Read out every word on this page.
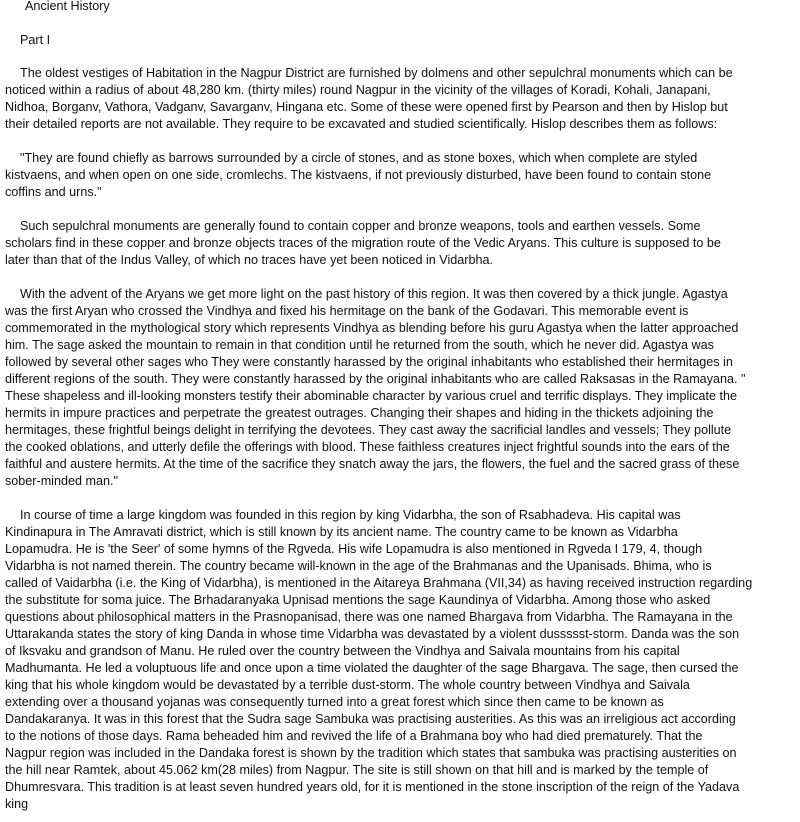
Ancient History

Part I

The oldest vestiges of Habitation in the Nagpur District are furnished by dolmens and other sepulchral monuments which can be

noticed within a radius of about 48,280 km. (thirty miles) round Nagpur in the vicinity of the villages of Koradi, Kohali, Janapani,

Nidhoa, Borganv, Vathora, Vadganv, Savarganv, Hingana etc. Some of these were opened first by Pearson and then by Hislop but

their detailed reports are not available. They require to be excavated and studied scientifically. Hislop describes them as follows:

"They are found chiefly as barrows surrounded by a circle of stones, and as stone boxes, which when complete are styled

kistvaens, and when open on one side, cromlechs. The kistvaens, if not previously disturbed, have been found to contain stone

coffins and urns."

Such sepulchral monuments are generally found to contain copper and bronze weapons, tools and earthen vessels. Some

scholars find in these copper and bronze objects traces of the migration route of the Vedic Aryans. This culture is supposed to be

later than that of the Indus Valley, of which no traces have yet been noticed in Vidarbha.

With the advent of the Aryans we get more light on the past history of this region. It was then covered by a thick jungle. Agastya

was the first Aryan who crossed the Vindhya and fixed his hermitage on the bank of the Godavari. This memorable event is

commemorated in the mythological story which represents Vindhya as blending before his guru Agastya when the latter approached

him. The sage asked the mountain to remain in that condition until he returned from the south, which he never did. Agastya was

followed by several other sages who They were constantly harassed by the original inhabitants who established their hermitages in

different regions of the south. They were constantly harassed by the original inhabitants who are called Raksasas in the Ramayana. "

These shapeless and ill-looking monsters testify their abominable character by various cruel and terrific displays. They implicate the

hermits in impure practices and perpetrate the greatest outrages. Changing their shapes and hiding in the thickets adjoining the

hermitages, these frightful beings delight in terrifying the devotees. They cast away the sacrificial landles and vessels; They pollute

the cooked oblations, and utterly defile the offerings with blood. These faithless creatures inject frightful sounds into the ears of the

faithful and austere hermits. At the time of the sacrifice they snatch away the jars, the flowers, the fuel and the sacred grass of these

sober-minded man."

In course of time a large kingdom was founded in this region by king Vidarbha, the son of Rsabhadeva. His capital was

Kindinapura in The Amravati district, which is still known by its ancient name. The country came to be known as Vidarbha

Lopamudra. He is 'the Seer' of some hymns of the Rgveda. His wife Lopamudra is also mentioned in Rgveda I 179, 4, though

Vidarbha is not named therein. The country became will-known in the age of the Brahmanas and the Upanisads. Bhima, who is

called of Vaidarbha (i.e. the King of Vidarbha), is mentioned in the Aitareya Brahmana (VII,34) as having received instruction regarding

the substitute for soma juice. The Brhadaranyaka Upnisad mentions the sage Kaundinya of Vidarbha. Among those who asked

questions about philosophical matters in the Prasnopanisad, there was one named Bhargava from Vidarbha. The Ramayana in the

Uttarakanda states the story of king Danda in whose time Vidarbha was devastated by a violent dussssst-storm. Danda was the son

of Iksvaku and grandson of Manu. He ruled over the country between the Vindhya and Saivala mountains from his capital

Madhumanta. He led a voluptuous life and once upon a time violated the daughter of the sage Bhargava. The sage, then cursed the

king that his whole kingdom would be devastated by a terrible dust-storm. The whole country between Vindhya and Saivala

extending over a thousand yojanas was consequently turned into a great forest which since then came to be known as

Dandakaranya. It was in this forest that the Sudra sage Sambuka was practising austerities. As this was an irreligious act according

to the notions of those days. Rama beheaded him and revived the life of a Brahmana boy who had died prematurely. That the

Nagpur region was included in the Dandaka forest is shown by the tradition which states that sambuka was practising austerities on

the hill near Ramtek, about 45.062 km(28 miles) from Nagpur. The site is still shown on that hill and is marked by the temple of

Dhumresvara. This tradition is at least seven hundred years old, for it is mentioned in the stone inscription of the reign of the Yadava

king
